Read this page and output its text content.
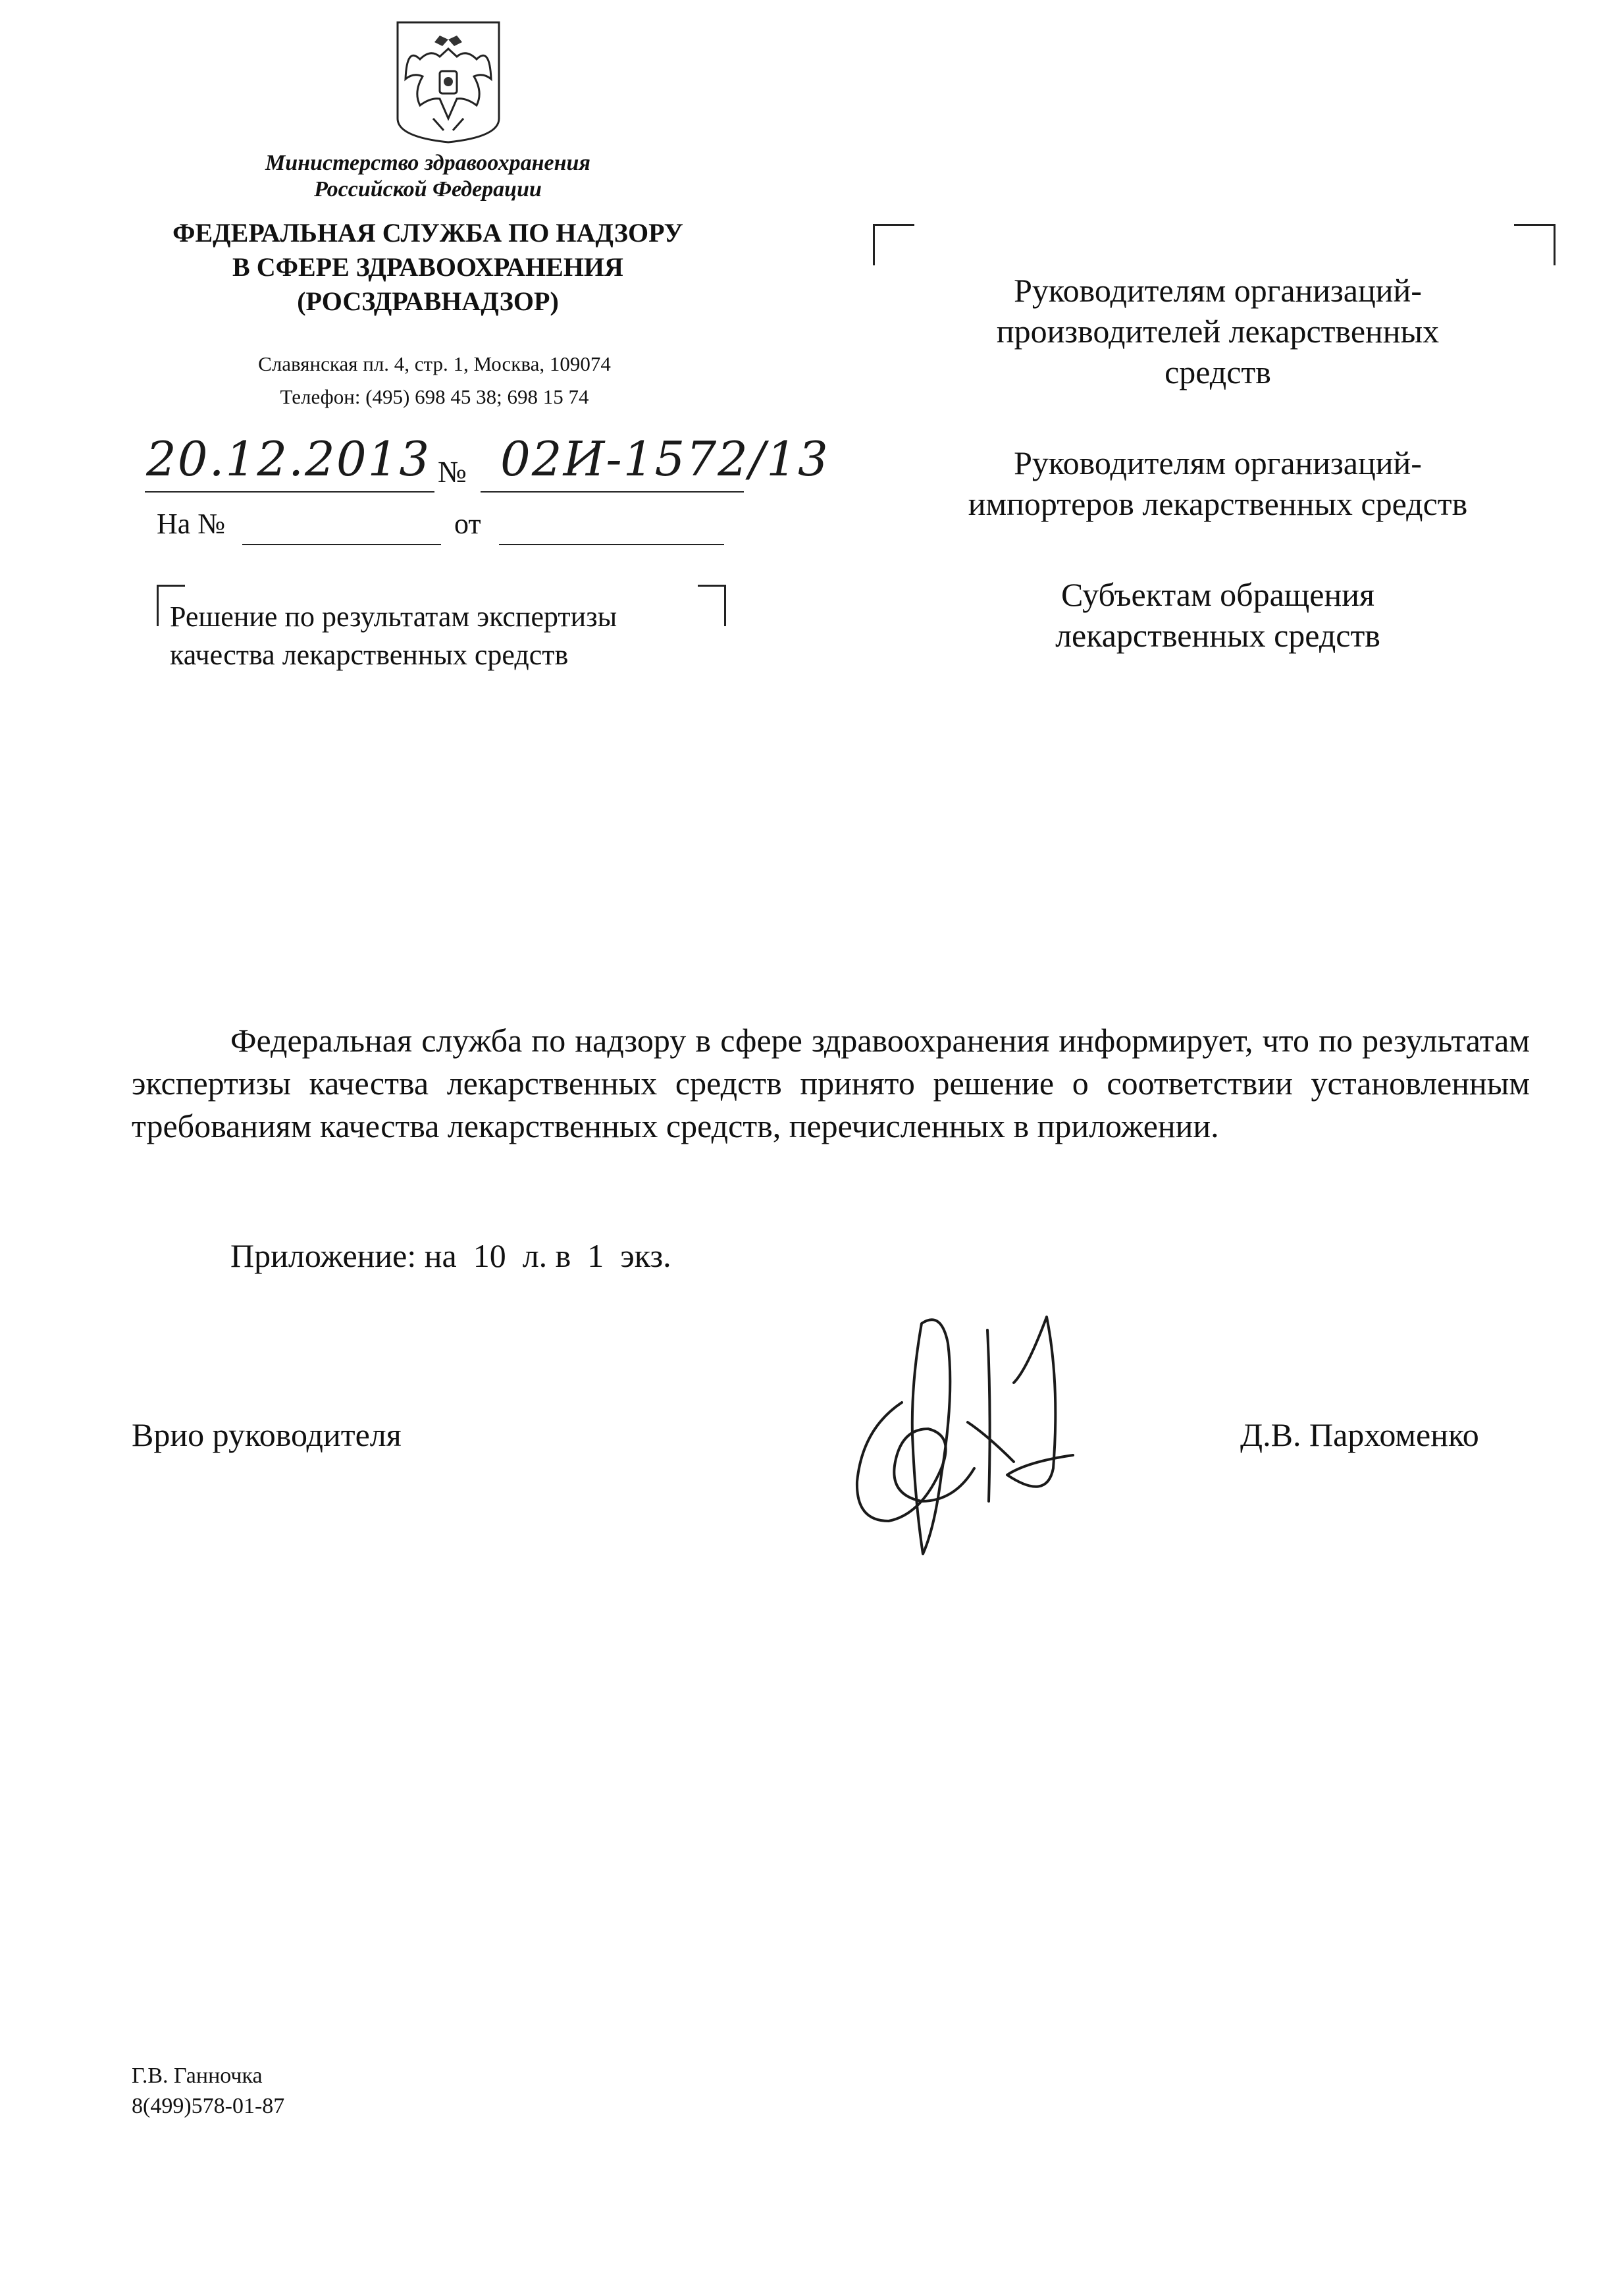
Министерство здравоохранения
Российской Федерации
ФЕДЕРАЛЬНАЯ СЛУЖБА ПО НАДЗОРУ
В СФЕРЕ ЗДРАВООХРАНЕНИЯ
(РОСЗДРАВНАДЗОР)
Славянская пл. 4, стр. 1, Москва, 109074
Телефон: (495) 698 45 38; 698 15 74
20.12.2013 № 02И-1572/13
На №	от
Решение по результатам экспертизы
качества лекарственных средств
Руководителям организаций-
производителей лекарственных
средств
Руководителям организаций-
импортеров лекарственных средств
Субъектам обращения
лекарственных средств
Федеральная служба по надзору в сфере здравоохранения информирует, что по результатам экспертизы качества лекарственных средств принято решение о соответствии установленным требованиям качества лекарственных средств, перечисленных в приложении.
Приложение: на  10  л. в  1  экз.
Врио руководителя	Д.В. Пархоменко
Г.В. Ганночка
8(499)578-01-87
